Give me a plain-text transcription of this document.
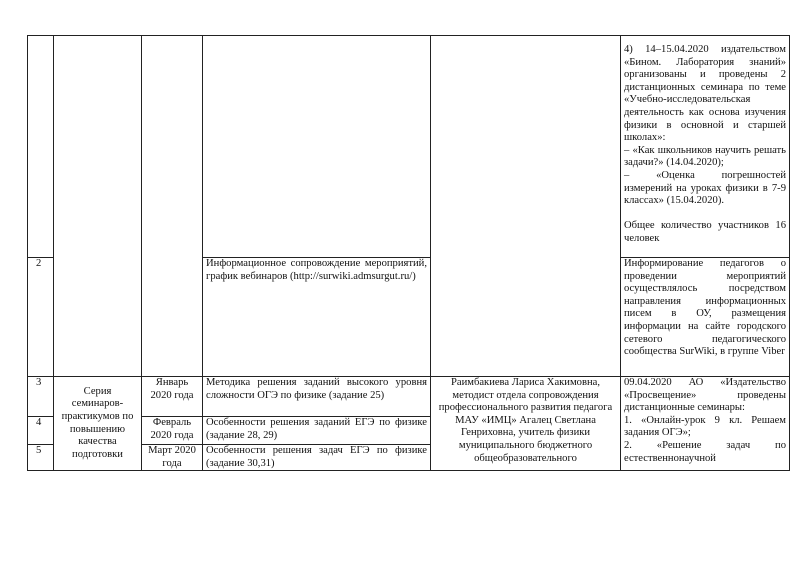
					4) 14–15.04.2020 издательством «Бином. Лаборатория знаний» организованы и проведены 2 дистанционных семинара по теме «Учебно-исследовательская деятельность как основа изучения физики в основной и старшей школах»:

– «Как школьников научить решать задачи?» (14.04.2020);

– «Оценка погрешностей измерений на уроках физики в 7-9 классах» (15.04.2020).

Общее количество участников 16 человек

2			Информационное сопровождение мероприятий, график вебинаров (http://surwiki.admsurgut.ru/)		Информирование педагогов о проведении мероприятий осуществлялось посредством направления информационных писем в ОУ, размещения информации на сайте городского сетевого педагогического сообщества SurWiki, в группе Viber
3	Серия семинаров-практикумов по повышению качества подготовки	Январь 2020 года	Методика решения заданий высокого уровня сложности ОГЭ по физике (задание 25)	Раимбакиева Лариса Хакимовна, методист отдела сопровождения профессионального развития педагога МАУ «ИМЦ» Агалец Светлана Генриховна, учитель физики муниципального бюджетного общеобразовательного	09.04.2020 АО «Издательство «Просвещение» проведены дистанционные семинары:

1. «Онлайн-урок 9 кл. Решаем задания ОГЭ»;

2. «Решение задач по естественнонаучной

4		Февраль 2020 года	Особенности решения заданий ЕГЭ по физике (задание 28, 29)		
5		Март 2020 года	Особенности решения задач ЕГЭ по физике (задание 30,31)		
